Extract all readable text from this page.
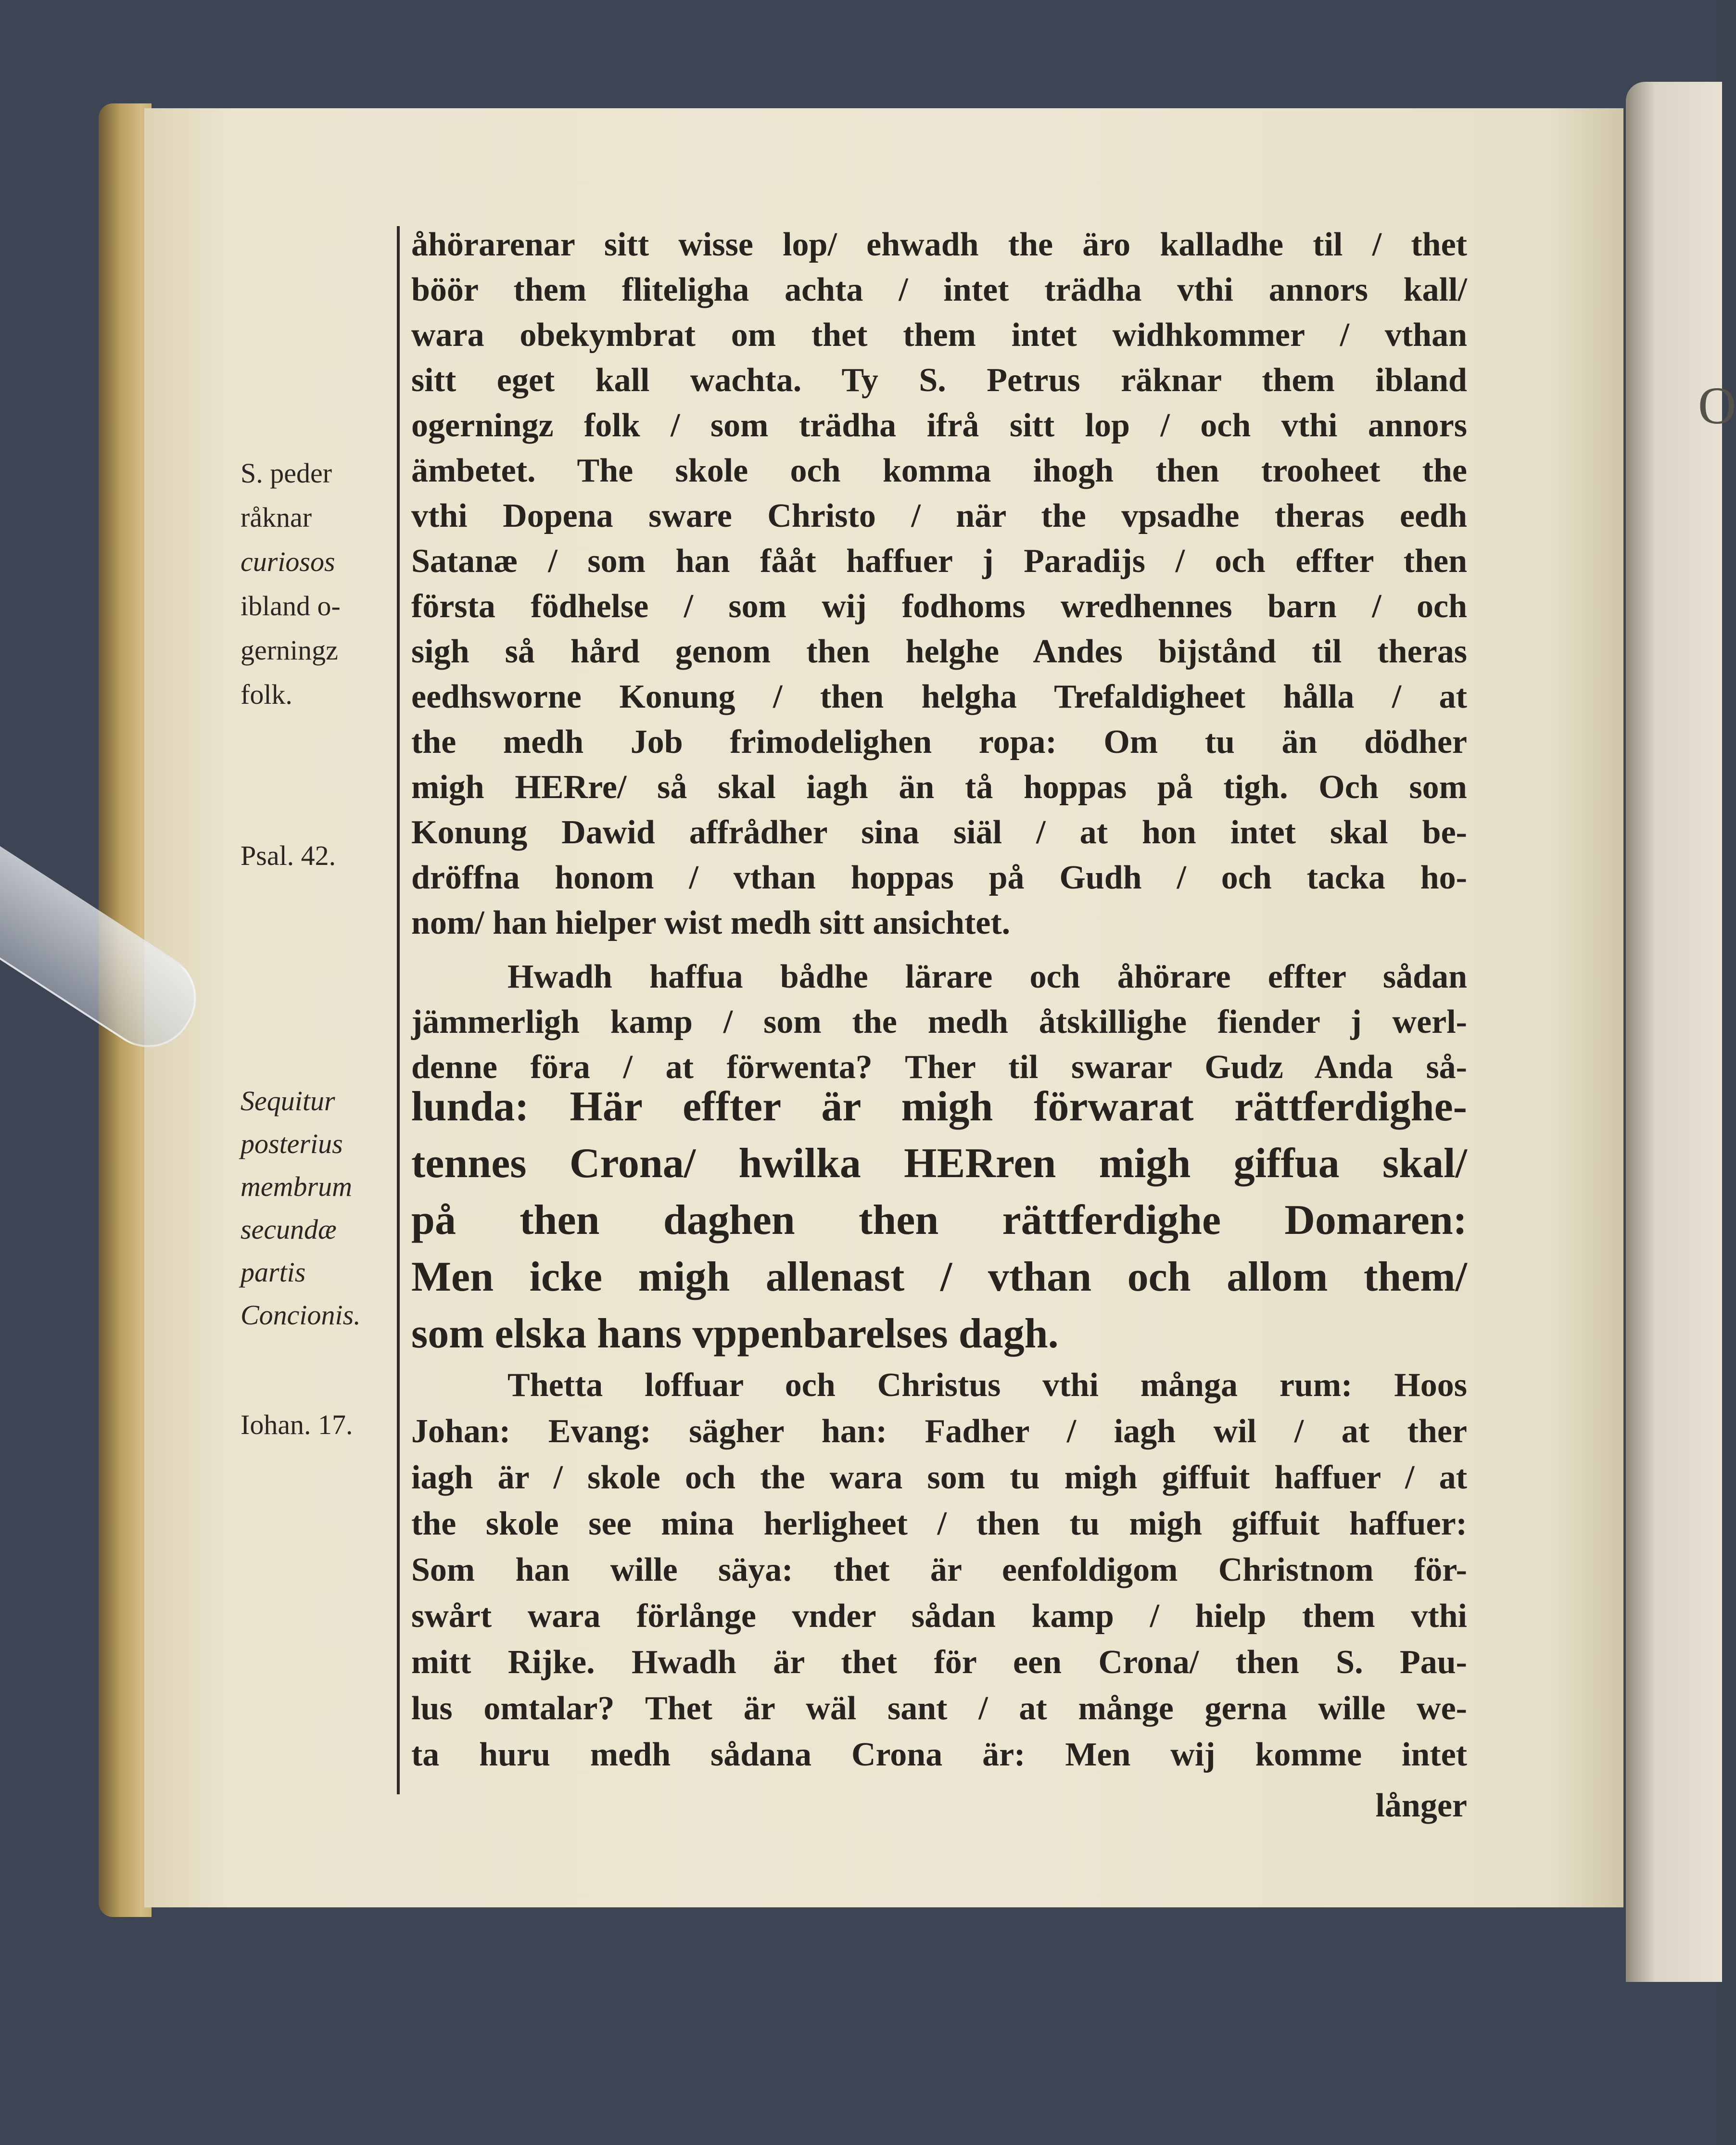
O
åhörarenar sitt wisse lop/ ehwadh the äro kalladhe til / thet
böör them fliteligha achta / intet trädha vthi annors kall/
wara obekymbrat om thet them intet widhkommer / vthan
sitt eget kall wachta. Ty S. Petrus räknar them ibland
ogerningz folk / som trädha ifrå sitt lop / och vthi annors
ämbetet. The skole och komma ihogh then trooheet the
vthi Dopena sware Christo / när the vpsadhe theras eedh
Satanæ / som han fååt haffuer j Paradijs / och effter then
första födhelse / som wij fodhoms wredhennes barn / och
sigh så hård genom then helghe Andes bijstånd til theras
eedhsworne Konung / then helgha Trefaldigheet hålla / at
the medh Job frimodelighen ropa: Om tu än dödher
migh HERre/ så skal iagh än tå hoppas på tigh. Och som
Konung Dawid affrådher sina siäl / at hon intet skal be-
dröffna honom / vthan hoppas på Gudh / och tacka ho-
nom/ han hielper wist medh sitt ansichtet.
Hwadh haffua bådhe lärare och åhörare effter sådan
jämmerligh kamp / som the medh åtskillighe fiender j werl-
denne föra / at förwenta? Ther til swarar Gudz Anda så-
lunda: Här effter är migh förwarat rättferdighe-
tennes Crona/ hwilka HERren migh giffua skal/
på then daghen then rättferdighe Domaren:
Men icke migh allenast / vthan och allom them/
som elska hans vppenbarelses dagh.
Thetta loffuar och Christus vthi många rum: Hoos
Johan: Evang: sägher han: Fadher / iagh wil / at ther
iagh är / skole och the wara som tu migh giffuit haffuer / at
the skole see mina herligheet / then tu migh giffuit haffuer:
Som han wille säya: thet är eenfoldigom Christnom för-
swårt wara förlånge vnder sådan kamp / hielp them vthi
mitt Rijke. Hwadh är thet för een Crona/ then S. Pau-
lus omtalar? Thet är wäl sant / at månge gerna wille we-
ta huru medh sådana Crona är: Men wij komme intet
långer
S. peder
råknar
curiosos
ibland o-
gerningz
folk.
Psal. 42.
Sequitur
posterius
membrum
secundæ
partis
Concionis.
Iohan. 17.
